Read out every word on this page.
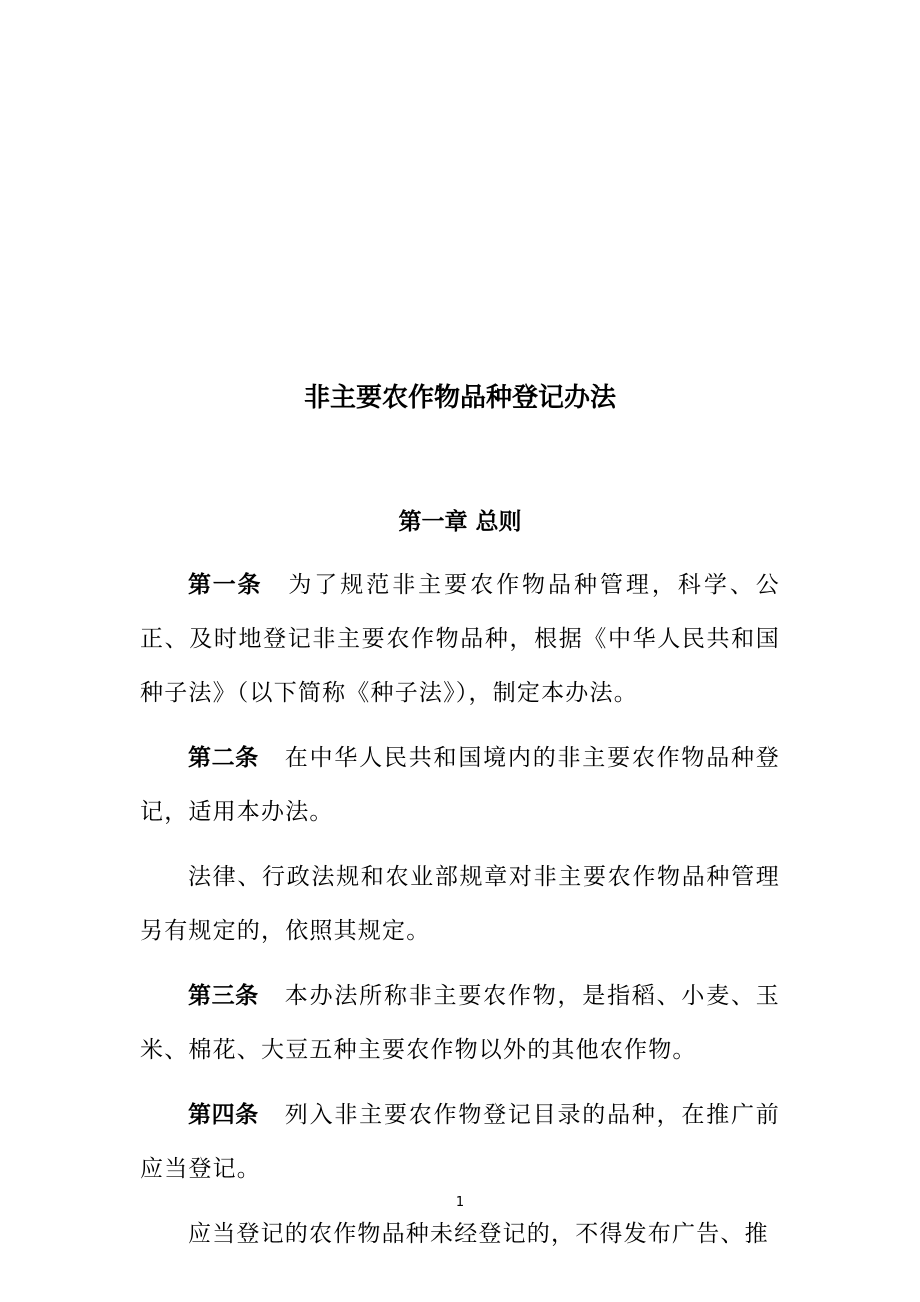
非主要农作物品种登记办法
第一章 总则

第一条 为了规范非主要农作物品种管理，科学、公正、及时地登记非主要农作物品种，根据《中华人民共和国种子法》（以下简称《种子法》），制定本办法。

第二条 在中华人民共和国境内的非主要农作物品种登记，适用本办法。

法律、行政法规和农业部规章对非主要农作物品种管理另有规定的，依照其规定。

第三条 本办法所称非主要农作物，是指稻、小麦、玉米、棉花、大豆五种主要农作物以外的其他农作物。

第四条 列入非主要农作物登记目录的品种，在推广前应当登记。

应当登记的农作物品种未经登记的，不得发布广告、推

1
